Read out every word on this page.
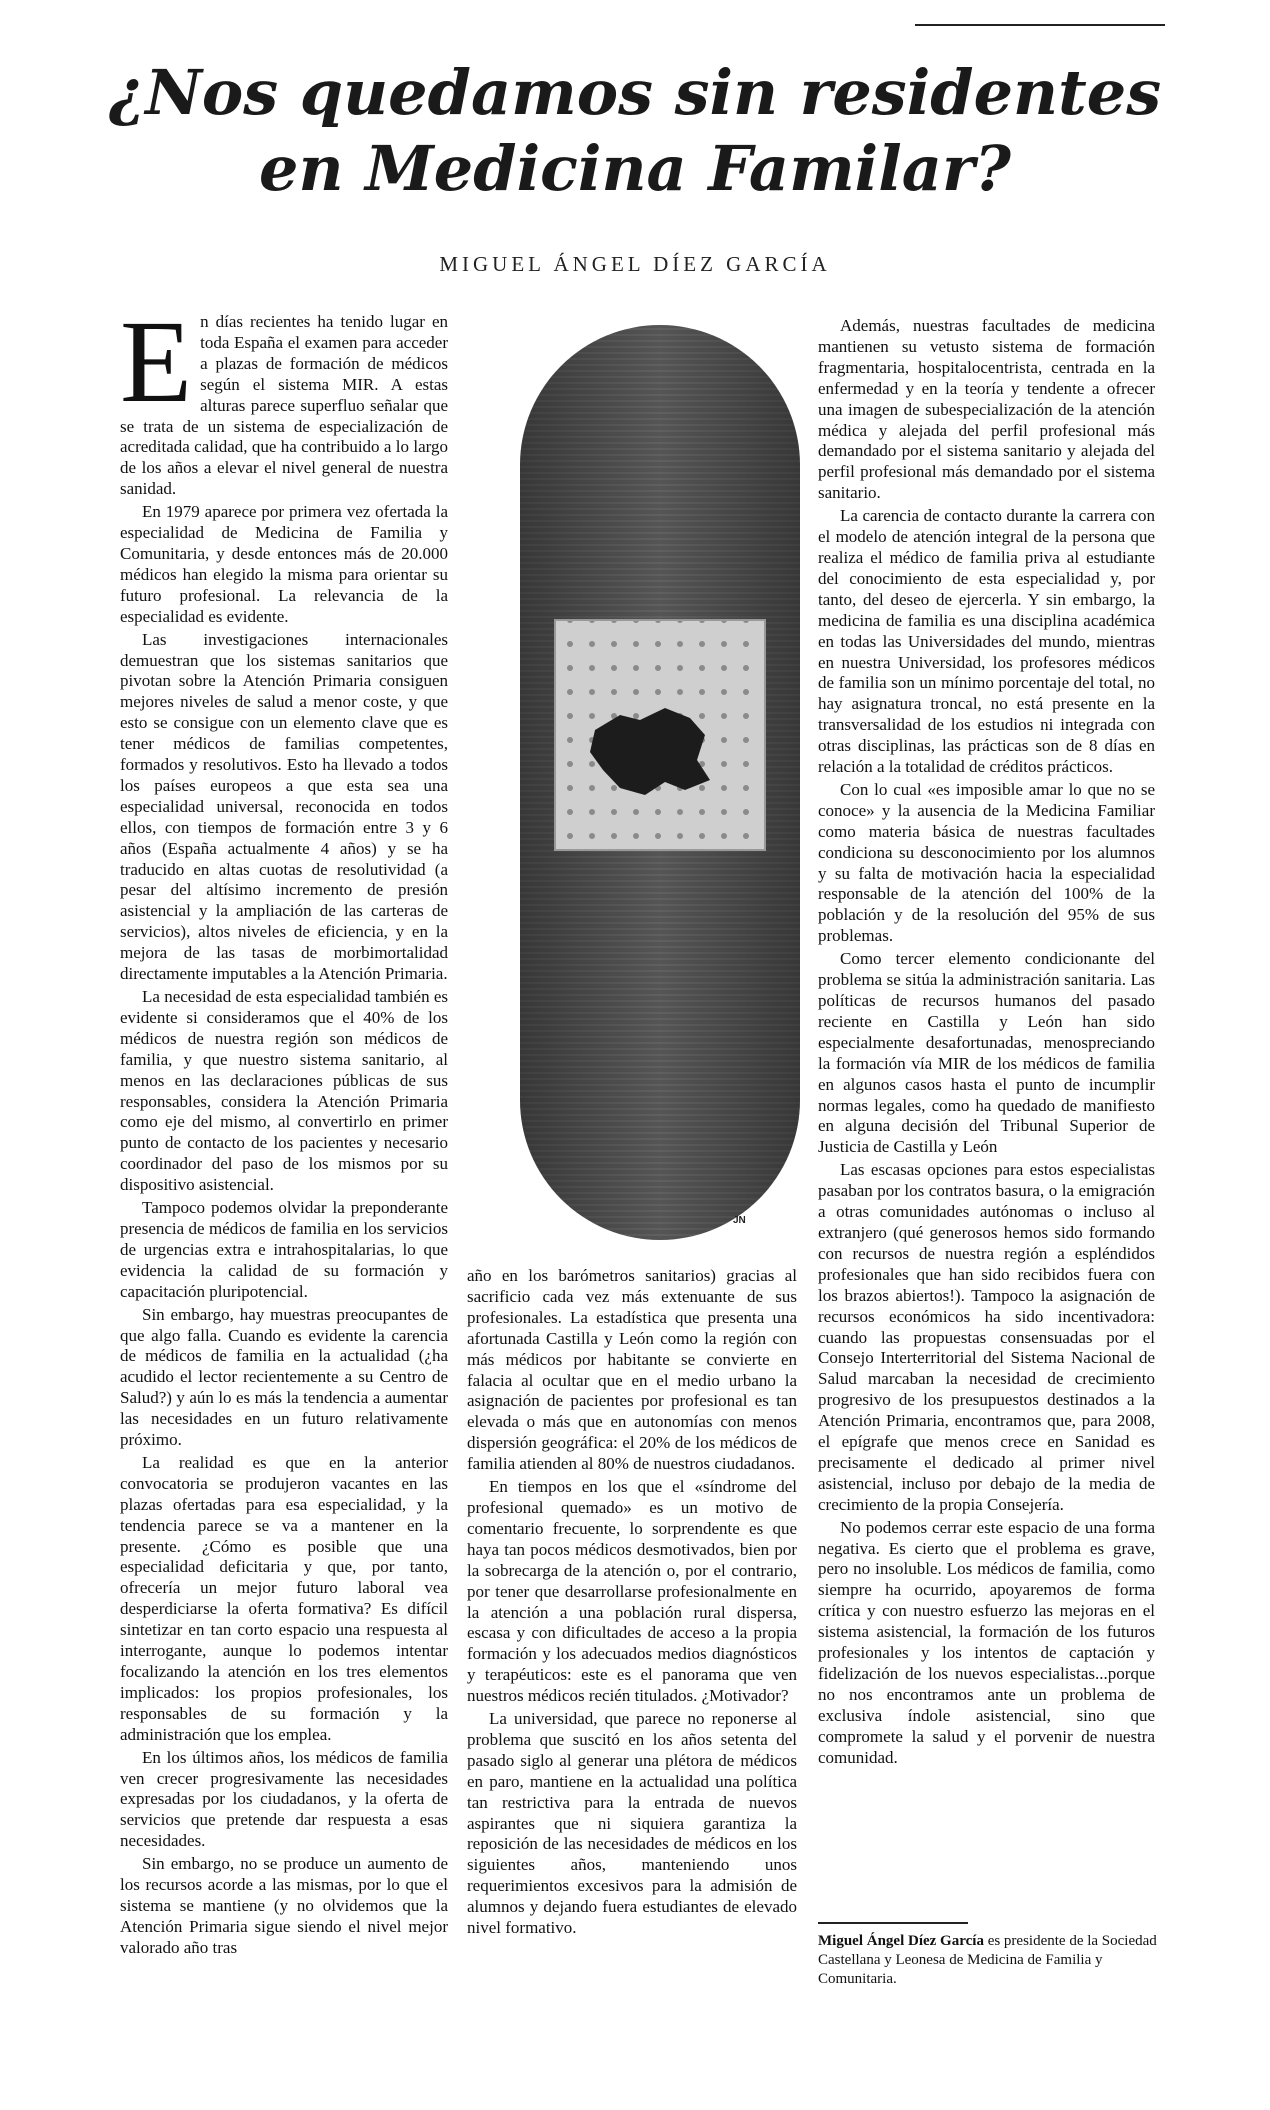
¿Nos quedamos sin residentes
en Medicina Familar?
MIGUEL ÁNGEL DÍEZ GARCÍA

En días recientes ha tenido lugar en toda España el examen para acceder a plazas de formación de médicos según el sistema MIR. A estas alturas parece superfluo señalar que se trata de un sistema de especialización de acreditada calidad, que ha contribuido a lo largo de los años a elevar el nivel general de nuestra sanidad.

En 1979 aparece por primera vez ofertada la especialidad de Medicina de Familia y Comunitaria, y desde entonces más de 20.000 médicos han elegido la misma para orientar su futuro profesional. La relevancia de la especialidad es evidente.

Las investigaciones internacionales demuestran que los sistemas sanitarios que pivotan sobre la Atención Primaria consiguen mejores niveles de salud a menor coste, y que esto se consigue con un elemento clave que es tener médicos de familias competentes, formados y resolutivos. Esto ha llevado a todos los países europeos a que esta sea una especialidad universal, reconocida en todos ellos, con tiempos de formación entre 3 y 6 años (España actualmente 4 años) y se ha traducido en altas cuotas de resolutividad (a pesar del altísimo incremento de presión asistencial y la ampliación de las carteras de servicios), altos niveles de eficiencia, y en la mejora de las tasas de morbimortalidad directamente imputables a la Atención Primaria.

La necesidad de esta especialidad también es evidente si consideramos que el 40% de los médicos de nuestra región son médicos de familia, y que nuestro sistema sanitario, al menos en las declaraciones públicas de sus responsables, considera la Atención Primaria como eje del mismo, al convertirlo en primer punto de contacto de los pacientes y necesario coordinador del paso de los mismos por su dispositivo asistencial.

Tampoco podemos olvidar la preponderante presencia de médicos de familia en los servicios de urgencias extra e intrahospitalarias, lo que evidencia la calidad de su formación y capacitación pluripotencial.

Sin embargo, hay muestras preocupantes de que algo falla. Cuando es evidente la carencia de médicos de familia en la actualidad (¿ha acudido el lector recientemente a su Centro de Salud?) y aún lo es más la tendencia a aumentar las necesidades en un futuro relativamente próximo.

La realidad es que en la anterior convocatoria se produjeron vacantes en las plazas ofertadas para esa especialidad, y la tendencia parece se va a mantener en la presente. ¿Cómo es posible que una especialidad deficitaria y que, por tanto, ofrecería un mejor futuro laboral vea desperdiciarse la oferta formativa? Es difícil sintetizar en tan corto espacio una respuesta al interrogante, aunque lo podemos intentar focalizando la atención en los tres elementos implicados: los propios profesionales, los responsables de su formación y la administración que los emplea.

En los últimos años, los médicos de familia ven crecer progresivamente las necesidades expresadas por los ciudadanos, y la oferta de servicios que pretende dar respuesta a esas necesidades.

Sin embargo, no se produce un aumento de los recursos acorde a las mismas, por lo que el sistema se mantiene (y no olvidemos que la Atención Primaria sigue siendo el nivel mejor valorado año tras

JN

año en los barómetros sanitarios) gracias al sacrificio cada vez más extenuante de sus profesionales. La estadística que presenta una afortunada Castilla y León como la región con más médicos por habitante se convierte en falacia al ocultar que en el medio urbano la asignación de pacientes por profesional es tan elevada o más que en autonomías con menos dispersión geográfica: el 20% de los médicos de familia atienden al 80% de nuestros ciudadanos.

En tiempos en los que el «síndrome del profesional quemado» es un motivo de comentario frecuente, lo sorprendente es que haya tan pocos médicos desmotivados, bien por la sobrecarga de la atención o, por el contrario, por tener que desarrollarse profesionalmente en la atención a una población rural dispersa, escasa y con dificultades de acceso a la propia formación y los adecuados medios diagnósticos y terapéuticos: este es el panorama que ven nuestros médicos recién titulados. ¿Motivador?

La universidad, que parece no reponerse al problema que suscitó en los años setenta del pasado siglo al generar una plétora de médicos en paro, mantiene en la actualidad una política tan restrictiva para la entrada de nuevos aspirantes que ni siquiera garantiza la reposición de las necesidades de médicos en los siguientes años, manteniendo unos requerimientos excesivos para la admisión de alumnos y dejando fuera estudiantes de elevado nivel formativo.

Además, nuestras facultades de medicina mantienen su vetusto sistema de formación fragmentaria, hospitalocentrista, centrada en la enfermedad y en la teoría y tendente a ofrecer una imagen de subespecialización de la atención médica y alejada del perfil profesional más demandado por el sistema sanitario y alejada del perfil profesional más demandado por el sistema sanitario.

La carencia de contacto durante la carrera con el modelo de atención integral de la persona que realiza el médico de familia priva al estudiante del conocimiento de esta especialidad y, por tanto, del deseo de ejercerla. Y sin embargo, la medicina de familia es una disciplina académica en todas las Universidades del mundo, mientras en nuestra Universidad, los profesores médicos de familia son un mínimo porcentaje del total, no hay asignatura troncal, no está presente en la transversalidad de los estudios ni integrada con otras disciplinas, las prácticas son de 8 días en relación a la totalidad de créditos prácticos.

Con lo cual «es imposible amar lo que no se conoce» y la ausencia de la Medicina Familiar como materia básica de nuestras facultades condiciona su desconocimiento por los alumnos y su falta de motivación hacia la especialidad responsable de la atención del 100% de la población y de la resolución del 95% de sus problemas.

Como tercer elemento condicionante del problema se sitúa la administración sanitaria. Las políticas de recursos humanos del pasado reciente en Castilla y León han sido especialmente desafortunadas, menospreciando la formación vía MIR de los médicos de familia en algunos casos hasta el punto de incumplir normas legales, como ha quedado de manifiesto en alguna decisión del Tribunal Superior de Justicia de Castilla y León

Las escasas opciones para estos especialistas pasaban por los contratos basura, o la emigración a otras comunidades autónomas o incluso al extranjero (qué generosos hemos sido formando con recursos de nuestra región a espléndidos profesionales que han sido recibidos fuera con los brazos abiertos!). Tampoco la asignación de recursos económicos ha sido incentivadora: cuando las propuestas consensuadas por el Consejo Interterritorial del Sistema Nacional de Salud marcaban la necesidad de crecimiento progresivo de los presupuestos destinados a la Atención Primaria, encontramos que, para 2008, el epígrafe que menos crece en Sanidad es precisamente el dedicado al primer nivel asistencial, incluso por debajo de la media de crecimiento de la propia Consejería.

No podemos cerrar este espacio de una forma negativa. Es cierto que el problema es grave, pero no insoluble. Los médicos de familia, como siempre ha ocurrido, apoyaremos de forma crítica y con nuestro esfuerzo las mejoras en el sistema asistencial, la formación de los futuros profesionales y los intentos de captación y fidelización de los nuevos especialistas...porque no nos encontramos ante un problema de exclusiva índole asistencial, sino que compromete la salud y el porvenir de nuestra comunidad.

Miguel Ángel Díez García es presidente de la Sociedad Castellana y Leonesa de Medicina de Familia y Comunitaria.
